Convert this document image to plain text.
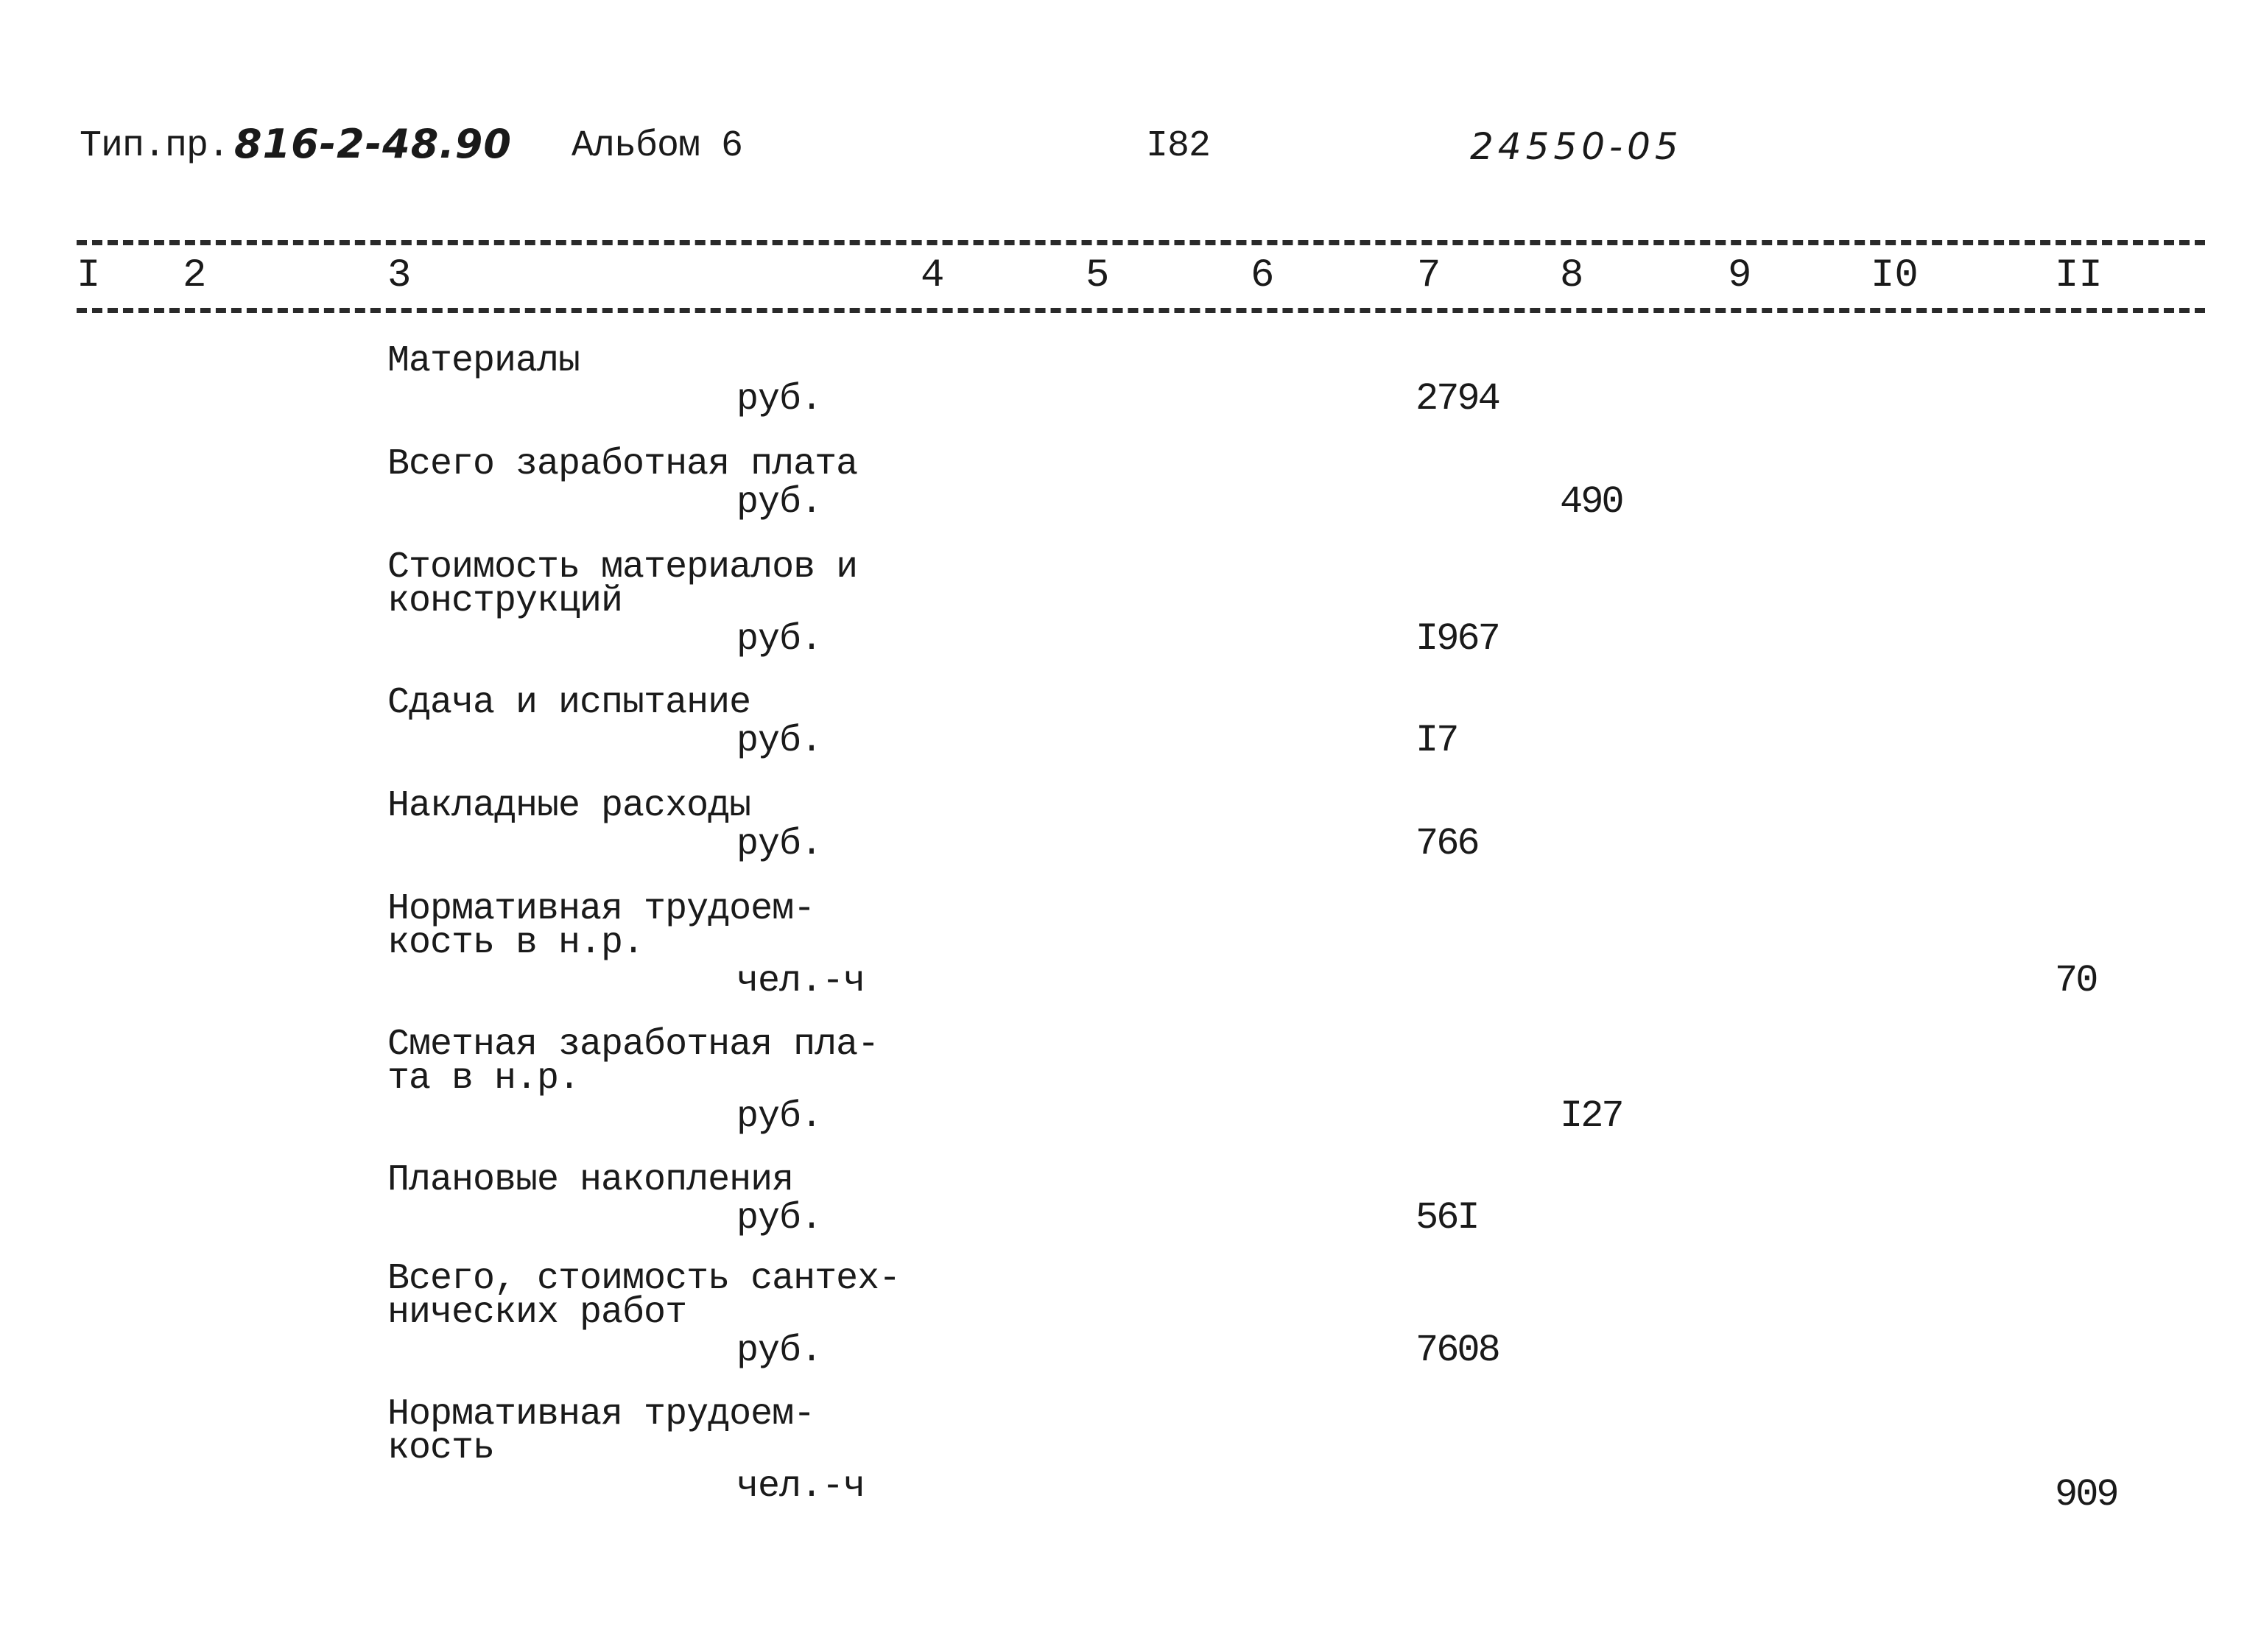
Тип.пр. 816-2-48.90 Альбом 6	I82	24550-05
I 2	3	4	5	6	7	8	9	I0	II
Материалы
руб.	2794
Всего заработная плата
руб.	490
Стоимость материалов и
конструкций
руб.	I967
Сдача и испытание
руб.	I7
Накладные расходы
руб.	766
Нормативная трудоем-
кость в н.р.
чел.-ч	70
Сметная заработная пла-
та в н.р.
руб.	I27
Плановые накопления
руб.	56I
Всего, стоимость сантех-
нических работ
руб.	7608
Нормативная трудоем-
кость
чел.-ч	909
